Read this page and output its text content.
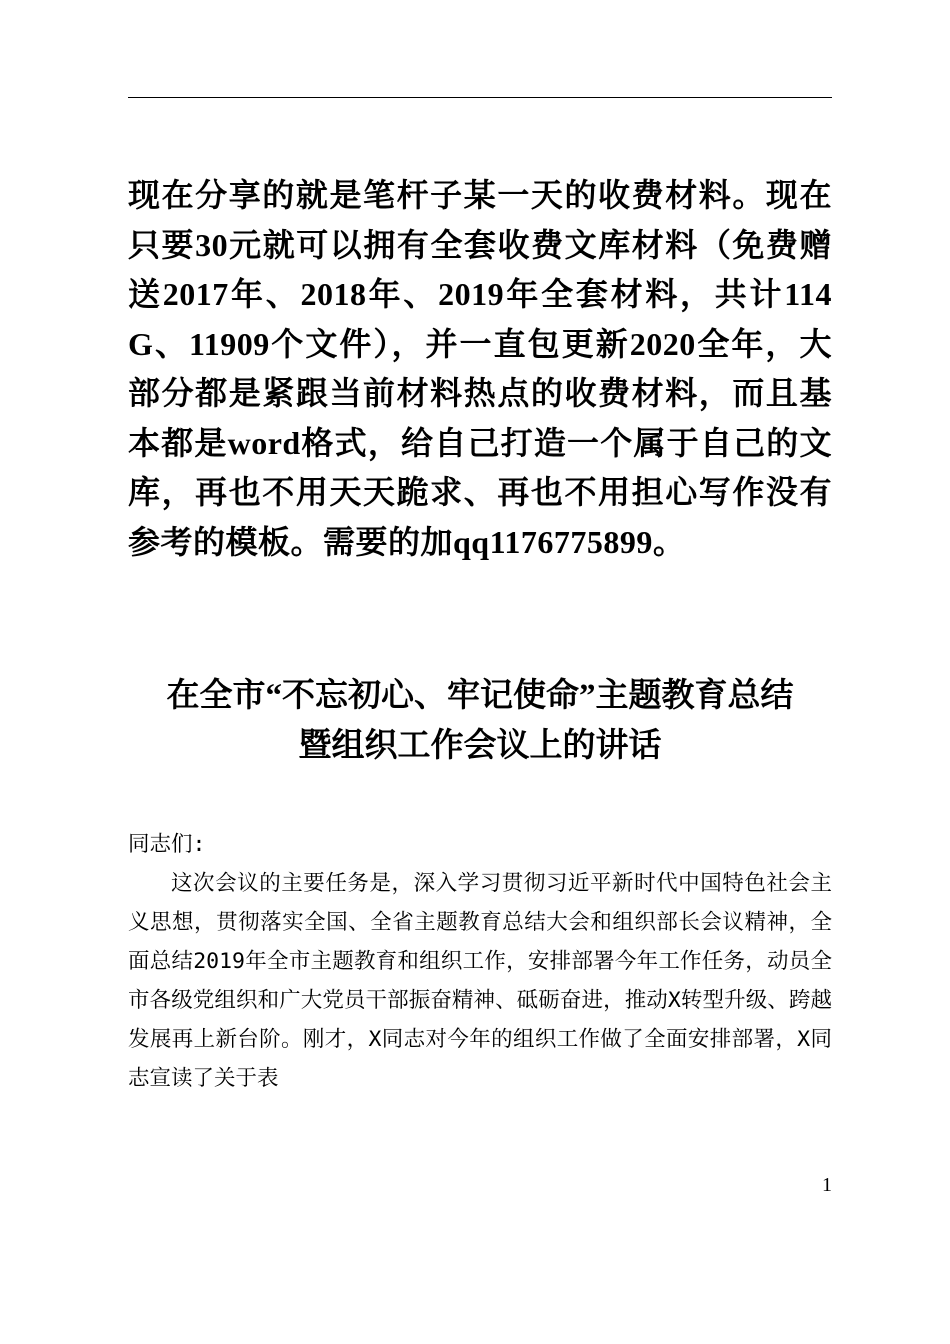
现在分享的就是笔杆子某一天的收费材料。现在只要30元就可以拥有全套收费文库材料（免费赠送2017年、2018年、2019年全套材料，共计114G、11909个文件），并一直包更新2020全年，大部分都是紧跟当前材料热点的收费材料，而且基本都是word格式，给自己打造一个属于自己的文库，再也不用天天跪求、再也不用担心写作没有参考的模板。需要的加qq1176775899。
在全市“不忘初心、牢记使命”主题教育总结
暨组织工作会议上的讲话

同志们:

这次会议的主要任务是，深入学习贯彻习近平新时代中国特色社会主义思想，贯彻落实全国、全省主题教育总结大会和组织部长会议精神，全面总结2019年全市主题教育和组织工作，安排部署今年工作任务，动员全市各级党组织和广大党员干部振奋精神、砥砺奋进，推动X转型升级、跨越发展再上新台阶。刚才，X同志对今年的组织工作做了全面安排部署，X同志宣读了关于表

1
